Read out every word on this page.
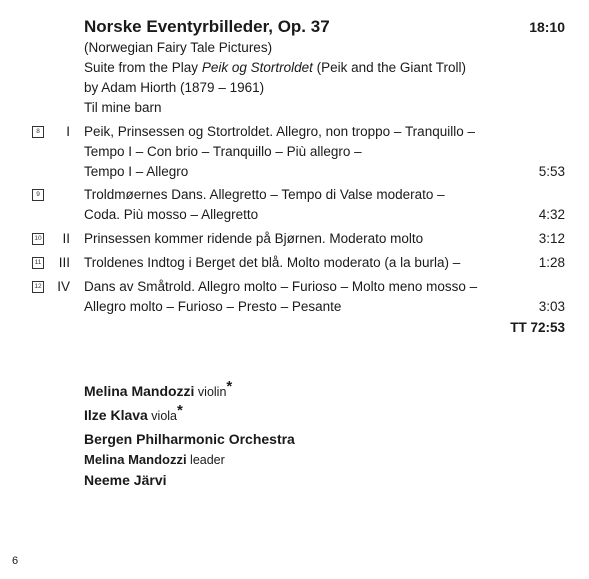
Norske Eventyrbilleder, Op. 37	18:10
(Norwegian Fairy Tale Pictures)
Suite from the Play Peik og Stortroldet (Peik and the Giant Troll)
by Adam Hiorth (1879 – 1961)
Til mine barn
8	I Peik, Prinsessen og Stortroldet. Allegro, non troppo – Tranquillo –
Tempo I – Con brio – Tranquillo – Più allegro –
Tempo I – Allegro	5:53
9	Troldmøernes Dans. Allegretto – Tempo di Valse moderato –
Coda. Più mosso – Allegretto	4:32
10	II Prinsessen kommer ridende på Bjørnen. Moderato molto	3:12
11	III Troldenes Indtog i Berget det blå. Molto moderato (a la burla) –	1:28
12	IV Dans av Småtrold. Allegro molto – Furioso – Molto meno mosso –
Allegro molto – Furioso – Presto – Pesante	3:03
TT 72:53
Melina Mandozzi violin*
Ilze Klava viola*
Bergen Philharmonic Orchestra
Melina Mandozzi leader
Neeme Järvi
6
